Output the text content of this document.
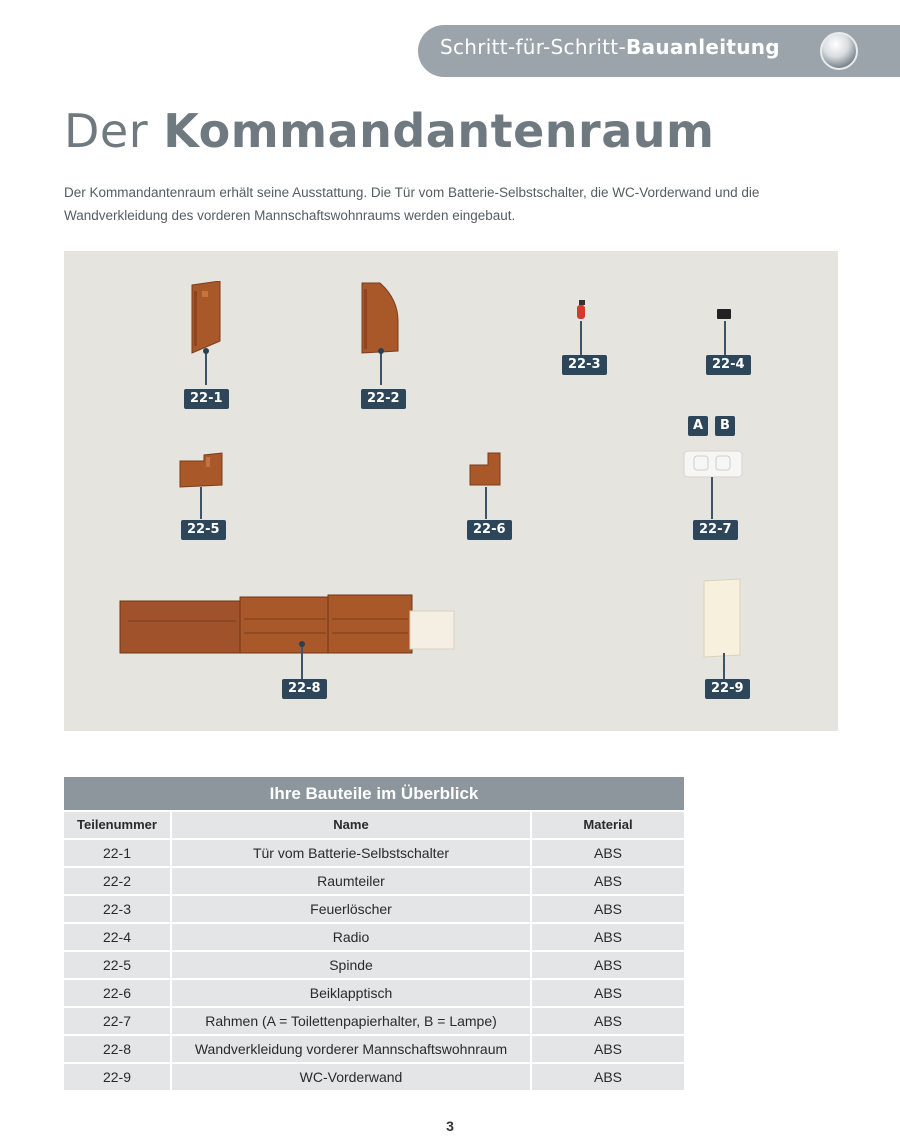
Schritt-für-Schritt-Bauanleitung
Der Kommandantenraum
Der Kommandantenraum erhält seine Ausstattung. Die Tür vom Batterie-Selbstschalter, die WC-Vorderwand und die Wandverkleidung des vorderen Mannschaftswohnraums werden eingebaut.
22-1	22-2
22-3	22-4
22-5	22-6
A	B
22-7
22-8	22-9
Ihre Bauteile im Überblick
Teilenummer	Name	Material
22-1	Tür vom Batterie-Selbstschalter	ABS
22-2	Raumteiler	ABS
22-3	Feuerlöscher	ABS
22-4	Radio	ABS
22-5	Spinde	ABS
22-6	Beiklapptisch	ABS
22-7	Rahmen (A = Toilettenpapierhalter, B = Lampe)	ABS
22-8	Wandverkleidung vorderer Mannschaftswohnraum	ABS
22-9	WC-Vorderwand	ABS
3
